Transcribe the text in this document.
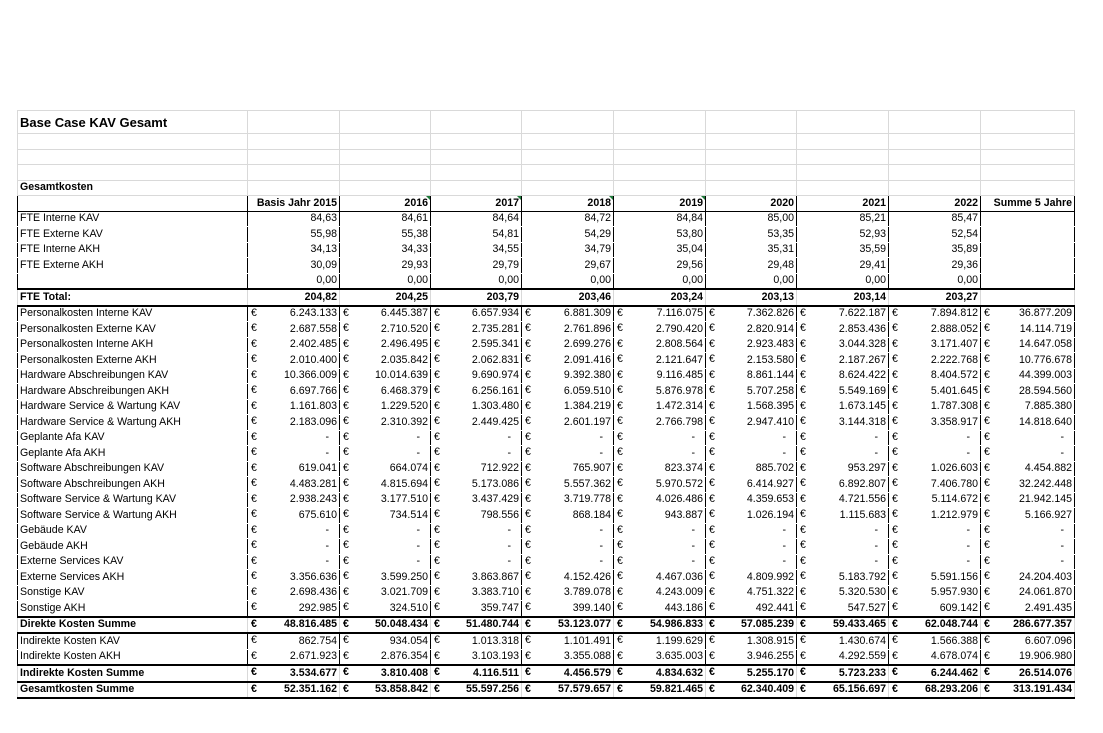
Base Case KAV Gesamt									

Gesamtkosten									
	Basis Jahr 2015	2016	2017	2018	2019	2020	2021	2022	Summe 5 Jahre
FTE Interne KAV	84,63	84,61	84,64	84,72	84,84	85,00	85,21	85,47	
FTE Externe KAV	55,98	55,38	54,81	54,29	53,80	53,35	52,93	52,54	
FTE Interne AKH	34,13	34,33	34,55	34,79	35,04	35,31	35,59	35,89	
FTE Externe AKH	30,09	29,93	29,79	29,67	29,56	29,48	29,41	29,36	
	0,00	0,00	0,00	0,00	0,00	0,00	0,00	0,00	
FTE Total:	204,82	204,25	203,79	203,46	203,24	203,13	203,14	203,27	
Personalkosten Interne KAV	€ 6.243.133	€ 6.445.387	€ 6.657.934	€ 6.881.309	€ 7.116.075	€ 7.362.826	€ 7.622.187	€ 7.894.812	€ 36.877.209

Personalkosten Externe KAV	€ 2.687.558	€ 2.710.520	€ 2.735.281	€ 2.761.896	€ 2.790.420	€ 2.820.914	€ 2.853.436	€ 2.888.052	€ 14.114.719

Personalkosten Interne AKH	€ 2.402.485	€ 2.496.495	€ 2.595.341	€ 2.699.276	€ 2.808.564	€ 2.923.483	€ 3.044.328	€ 3.171.407	€ 14.647.058

Personalkosten Externe AKH	€ 2.010.400	€ 2.035.842	€ 2.062.831	€ 2.091.416	€ 2.121.647	€ 2.153.580	€ 2.187.267	€ 2.222.768	€ 10.776.678

Hardware Abschreibungen KAV	€ 10.366.009	€ 10.014.639	€ 9.690.974	€ 9.392.380	€ 9.116.485	€ 8.861.144	€ 8.624.422	€ 8.404.572	€ 44.399.003

Hardware Abschreibungen AKH	€ 6.697.766	€ 6.468.379	€ 6.256.161	€ 6.059.510	€ 5.876.978	€ 5.707.258	€ 5.549.169	€ 5.401.645	€ 28.594.560

Hardware Service & Wartung KAV	€ 1.161.803	€ 1.229.520	€ 1.303.480	€ 1.384.219	€ 1.472.314	€ 1.568.395	€ 1.673.145	€ 1.787.308	€ 7.885.380

Hardware Service & Wartung AKH	€ 2.183.096	€ 2.310.392	€ 2.449.425	€ 2.601.197	€ 2.766.798	€ 2.947.410	€ 3.144.318	€ 3.358.917	€ 14.818.640

Geplante Afa KAV	€ -	€ -	€ -	€ -	€ -	€ -	€ -	€ -	€ -

Geplante Afa AKH	€ -	€ -	€ -	€ -	€ -	€ -	€ -	€ -	€ -

Software Abschreibungen KAV	€ 619.041	€ 664.074	€ 712.922	€ 765.907	€ 823.374	€ 885.702	€ 953.297	€ 1.026.603	€ 4.454.882

Software Abschreibungen AKH	€ 4.483.281	€ 4.815.694	€ 5.173.086	€ 5.557.362	€ 5.970.572	€ 6.414.927	€ 6.892.807	€ 7.406.780	€ 32.242.448

Software Service & Wartung KAV	€ 2.938.243	€ 3.177.510	€ 3.437.429	€ 3.719.778	€ 4.026.486	€ 4.359.653	€ 4.721.556	€ 5.114.672	€ 21.942.145

Software Service & Wartung AKH	€ 675.610	€ 734.514	€ 798.556	€ 868.184	€ 943.887	€ 1.026.194	€ 1.115.683	€ 1.212.979	€ 5.166.927

Gebäude KAV	€ -	€ -	€ -	€ -	€ -	€ -	€ -	€ -	€ -

Gebäude AKH	€ -	€ -	€ -	€ -	€ -	€ -	€ -	€ -	€ -

Externe Services KAV	€ -	€ -	€ -	€ -	€ -	€ -	€ -	€ -	€ -

Externe Services AKH	€ 3.356.636	€ 3.599.250	€ 3.863.867	€ 4.152.426	€ 4.467.036	€ 4.809.992	€ 5.183.792	€ 5.591.156	€ 24.204.403

Sonstige KAV	€ 2.698.436	€ 3.021.709	€ 3.383.710	€ 3.789.078	€ 4.243.009	€ 4.751.322	€ 5.320.530	€ 5.957.930	€ 24.061.870

Sonstige AKH	€ 292.985	€ 324.510	€ 359.747	€ 399.140	€ 443.186	€ 492.441	€ 547.527	€ 609.142	€ 2.491.435

Direkte Kosten Summe	€ 48.816.485	€ 50.048.434	€ 51.480.744	€ 53.123.077	€ 54.986.833	€ 57.085.239	€ 59.433.465	€ 62.048.744	€ 286.677.357

Indirekte Kosten KAV	€ 862.754	€ 934.054	€ 1.013.318	€ 1.101.491	€ 1.199.629	€ 1.308.915	€ 1.430.674	€ 1.566.388	€ 6.607.096

Indirekte Kosten AKH	€ 2.671.923	€ 2.876.354	€ 3.103.193	€ 3.355.088	€ 3.635.003	€ 3.946.255	€ 4.292.559	€ 4.678.074	€ 19.906.980

Indirekte Kosten Summe	€ 3.534.677	€ 3.810.408	€ 4.116.511	€ 4.456.579	€ 4.834.632	€ 5.255.170	€ 5.723.233	€ 6.244.462	€ 26.514.076

Gesamtkosten Summe	€ 52.351.162	€ 53.858.842	€ 55.597.256	€ 57.579.657	€ 59.821.465	€ 62.340.409	€ 65.156.697	€ 68.293.206	€ 313.191.434
